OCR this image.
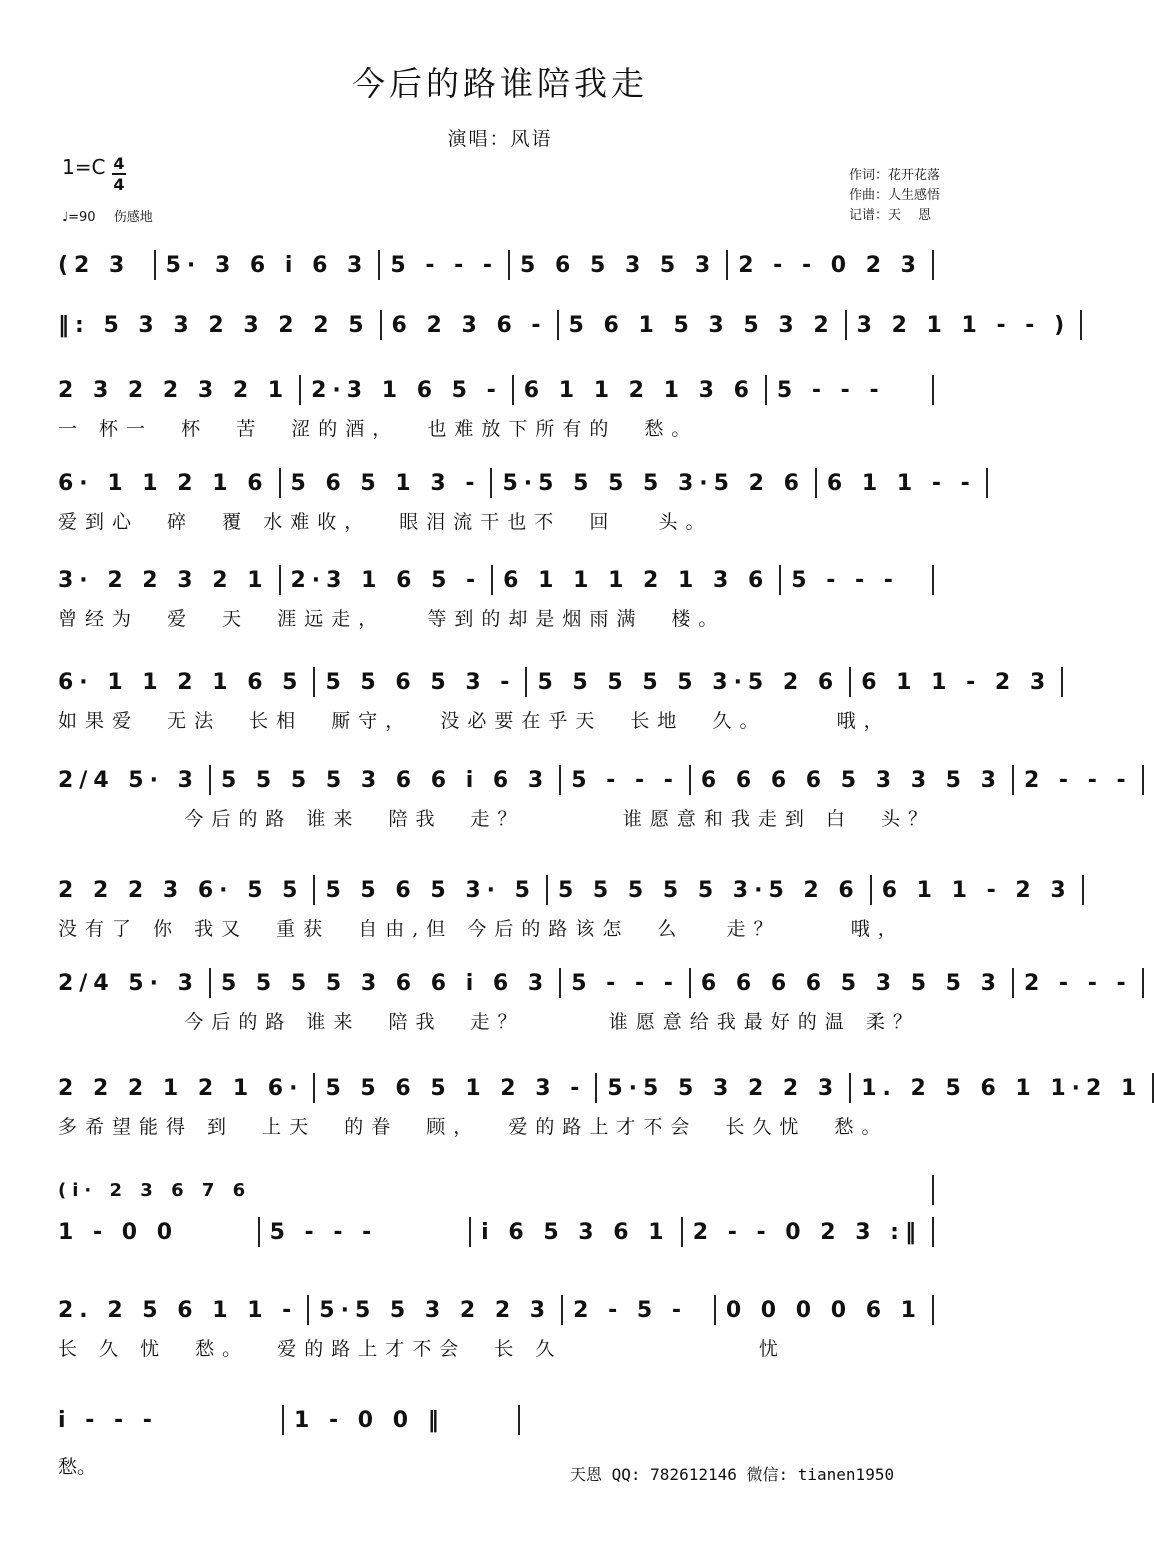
今后的路谁陪我走
演唱：风语
1=C 4
4
♩=90 伤感地
作词：花开花落
作曲：人生感悟
记谱：天　 恩
(2 3	5· 3 6 i 6 3 5 - - - 5 6 5 3 5 3 2 - - 0 2 3
‖: 5 3 3 2 3 2 2 5 6 2 3 6 - 5 6 1 5 3 5 3 2 3 2 1 1 - - )
2 3 2 2 3 2 1 2·3 1 6 5 - 6 1 1 2 1 3 6 5 - - -
一 杯一  杯  苦  涩的酒，  也难放下所有的  愁。
6· 1 1 2 1 6 5 6 5 1 3 - 5·5 5 5 5 3·5 2 6 6 1 1 - -
爱到心  碎  覆 水难收，  眼泪流干也不  回   头。
3· 2 2 3 2 1 2·3 1 6 5 - 6 1 1 1 2 1 3 6 5 - - -
曾经为  爱  天  涯远走，   等到的却是烟雨满  楼。
6· 1 1 2 1 6 5 5 5 6 5 3 - 5 5 5 5 5 3·5 2 6 6 1 1 - 2 3
如果爱  无法  长相  厮守，  没必要在乎天  长地  久。     哦，
2/4 5· 3 5 5 5 5 3 6 6 i 6 3 5 - - - 6 6 6 6 5 3 3 5 3 2 - - -
今后的路 谁来  陪我  走？       谁愿意和我走到 白  头？
2 2 2 3 6· 5 5 5 5 6 5 3· 5 5 5 5 5 5 3·5 2 6 6 1 1 - 2 3
没有了 你 我又  重获  自由,但 今后的路该怎  么   走？     哦，
2/4 5· 3 5 5 5 5 3 6 6 i 6 3 5 - - - 6 6 6 6 5 3 5 5 3 2 - - -
今后的路 谁来  陪我  走？      谁愿意给我最好的温 柔？
2 2 2 1 2 1 6· 5 5 6 5 1 2 3 - 5·5 5 3 2 2 3 1. 2 5 6 1 1·2 1
多希望能得 到  上天  的眷  顾，  爱的路上才不会  长久忧  愁。
(i· 2 3 6 7 6
1 - 0 0	5 - - -	i 6 5 3 6 1 2 - - 0 2 3 :‖
2. 2 5 6 1 1 - 5·5 5 3 2 2 3 2 - 5 -	0 0 0 0 6 1
长 久 忧  愁。  爱的路上才不会  长 久              忧
i - - -	1 - 0 0 ‖
愁。	天恩 QQ: 782612146 微信: tianen1950
